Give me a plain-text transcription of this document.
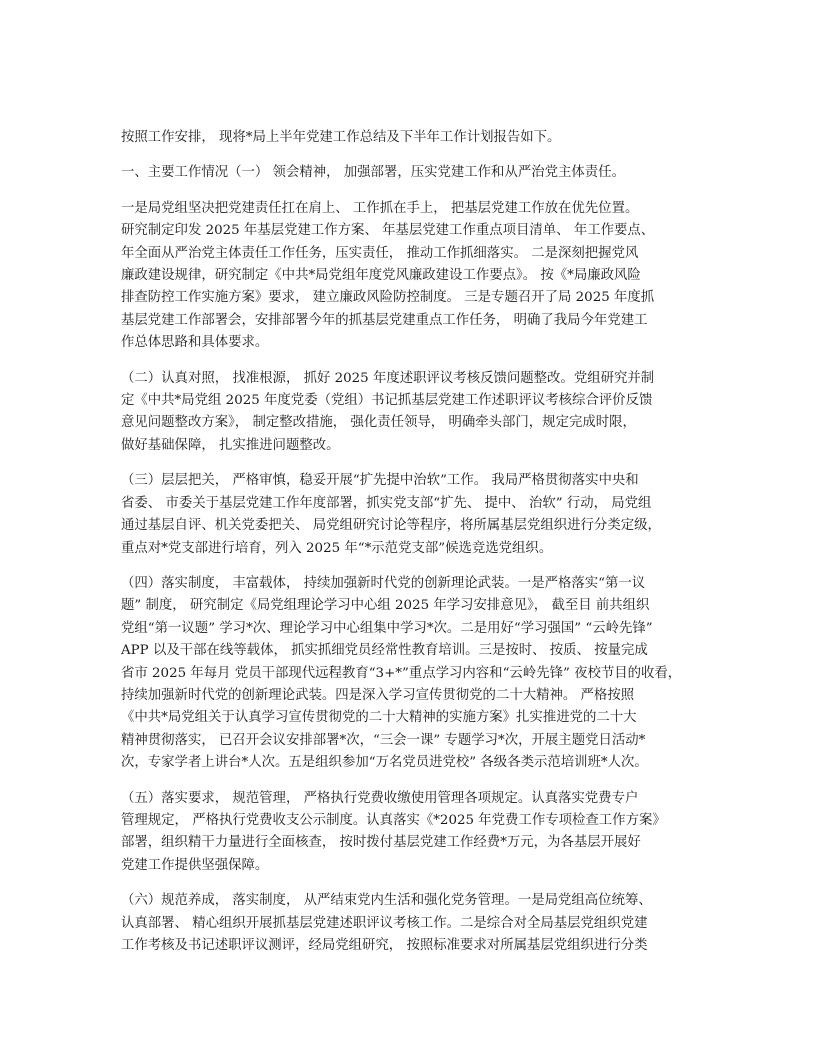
按照工作安排， 现将*局上半年党建工作总结及下半年工作计划报告如下。

一、主要工作情况（一） 领会精神， 加强部署，压实党建工作和从严治党主体责任。

一是局党组坚决把党建责任扛在肩上、 工作抓在手上， 把基层党建工作放在优先位置。
研究制定印发 2025 年基层党建工作方案、 年基层党建工作重点项目清单、 年工作要点、
年全面从严治党主体责任工作任务，压实责任， 推动工作抓细落实。 二是深刻把握党风
廉政建设规律，研究制定《中共*局党组年度党风廉政建设工作要点》。 按《*局廉政风险
排查防控工作实施方案》要求， 建立廉政风险防控制度。 三是专题召开了局 2025 年度抓
基层党建工作部署会，安排部署今年的抓基层党建重点工作任务， 明确了我局今年党建工
作总体思路和具体要求。

（二）认真对照， 找准根源， 抓好 2025 年度述职评议考核反馈问题整改。党组研究并制
定《中共*局党组 2025 年度党委（党组）书记抓基层党建工作述职评议考核综合评价反馈
意见问题整改方案》， 制定整改措施， 强化责任领导， 明确牵头部门，规定完成时限，
做好基础保障， 扎实推进问题整改。

（三）层层把关， 严格审慎，稳妥开展“扩先提中治软”工作。 我局严格贯彻落实中央和
省委、 市委关于基层党建工作年度部署，抓实党支部“扩先、 提中、 治软” 行动， 局党组
通过基层自评、机关党委把关、 局党组研究讨论等程序，将所属基层党组织进行分类定级，
重点对*党支部进行培育，列入 2025 年“*示范党支部”候选竞选党组织。

（四）落实制度， 丰富载体， 持续加强新时代党的创新理论武装。一是严格落实“第一议
题” 制度， 研究制定《局党组理论学习中心组 2025 年学习安排意见》， 截至目 前共组织
党组“第一议题” 学习*次、理论学习中心组集中学习*次。二是用好“学习强国” “云岭先锋”
APP 以及干部在线等载体， 抓实抓细党员经常性教育培训。三是按时、 按质、 按量完成
省市 2025 年每月 党员干部现代远程教育“3+*”重点学习内容和“云岭先锋” 夜校节目的收看，
持续加强新时代党的创新理论武装。四是深入学习宣传贯彻党的二十大精神。 严格按照
《中共*局党组关于认真学习宣传贯彻党的二十大精神的实施方案》扎实推进党的二十大
精神贯彻落实， 已召开会议安排部署*次，“三会一课” 专题学习*次，开展主题党日活动*
次，专家学者上讲台*人次。五是组织参加“万名党员进党校” 各级各类示范培训班*人次。

（五）落实要求， 规范管理， 严格执行党费收缴使用管理各项规定。认真落实党费专户
管理规定， 严格执行党费收支公示制度。认真落实《*2025 年党费工作专项检查工作方案》
部署，组织精干力量进行全面核查， 按时拨付基层党建工作经费*万元，为各基层开展好
党建工作提供坚强保障。

（六）规范养成， 落实制度， 从严结束党内生活和强化党务管理。一是局党组高位统筹、
认真部署、 精心组织开展抓基层党建述职评议考核工作。二是综合对全局基层党组织党建
工作考核及书记述职评议测评，经局党组研究， 按照标准要求对所属基层党组织进行分类
